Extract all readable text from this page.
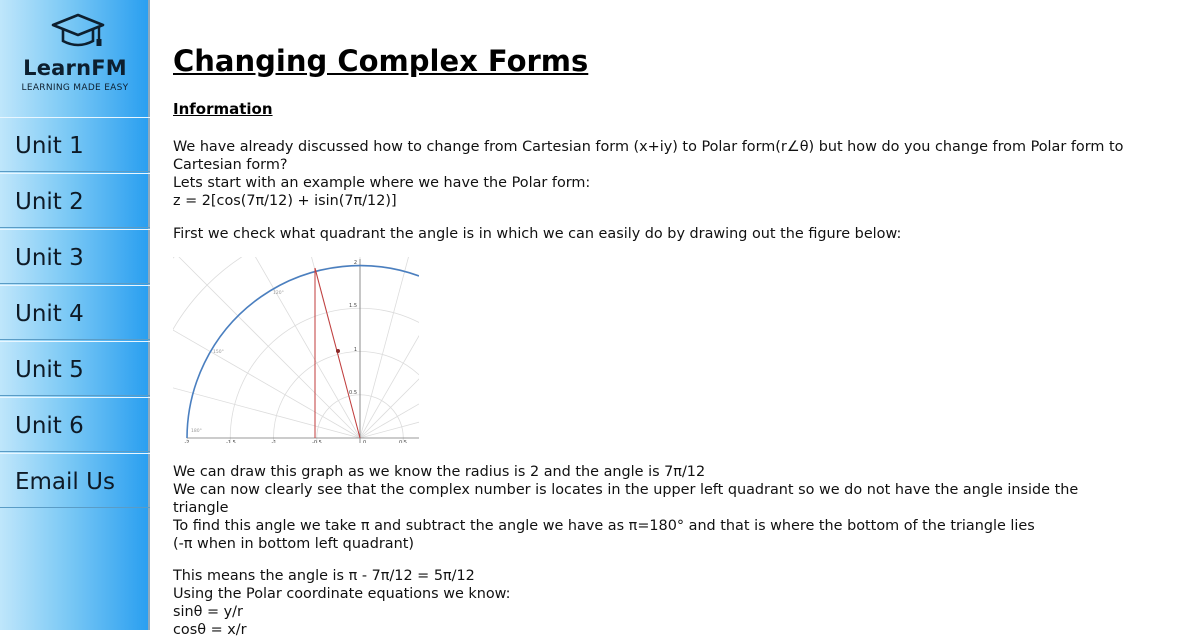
LearnFM
LEARNING MADE EASY
Unit 1
Unit 2
Unit 3
Unit 4
Unit 5
Unit 6
Email Us
Changing Complex Forms
Information
We have already discussed how to change from Cartesian form (x+iy) to Polar form(r∠θ) but how do you change from Polar form to
Cartesian form?
Lets start with an example where we have the Polar form:
z = 2[cos(7π/12) + isin(7π/12)]
First we check what quadrant the angle is in which we can easily do by drawing out the figure below:
-2	-1.5	-1	-0.5	0	0.5
2
1.5
1
0.5
120°
150°
180°
We can draw this graph as we know the radius is 2 and the angle is 7π/12
We can now clearly see that the complex number is locates in the upper left quadrant so we do not have the angle inside the
triangle
To find this angle we take π and subtract the angle we have as π=180° and that is where the bottom of the triangle lies
(-π when in bottom left quadrant)
This means the angle is π - 7π/12 = 5π/12
Using the Polar coordinate equations we know:
sinθ = y/r
cosθ = x/r
